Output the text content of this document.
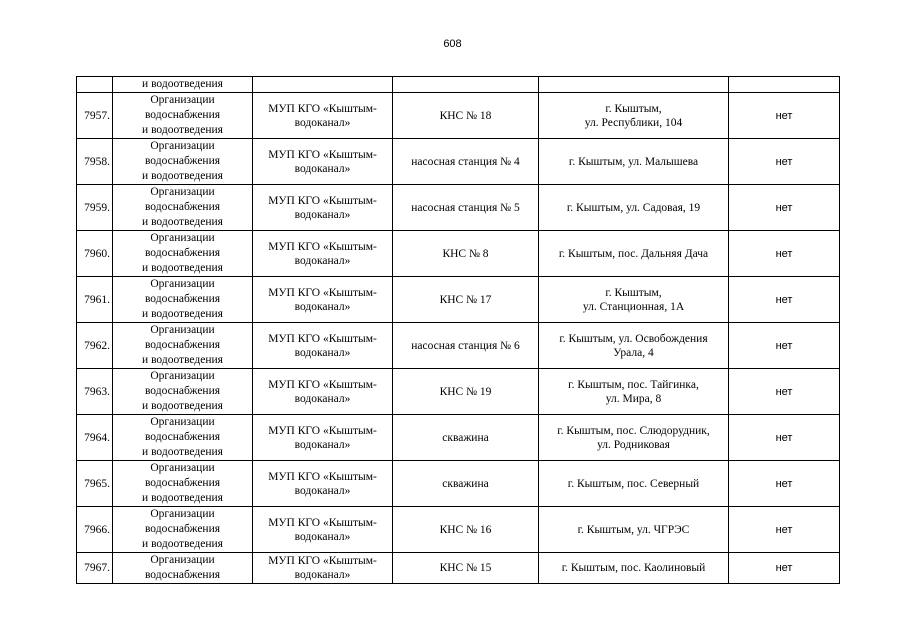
608
	и водоотведения				
7957.	Организации
водоснабжения
и водоотведения	МУП КГО «Кыштым-
водоканал»	КНС № 18	г. Кыштым,
ул. Республики, 104	нет
7958.	Организации
водоснабжения
и водоотведения	МУП КГО «Кыштым-
водоканал»	насосная станция № 4	г. Кыштым, ул. Малышева	нет
7959.	Организации
водоснабжения
и водоотведения	МУП КГО «Кыштым-
водоканал»	насосная станция № 5	г. Кыштым, ул. Садовая, 19	нет
7960.	Организации
водоснабжения
и водоотведения	МУП КГО «Кыштым-
водоканал»	КНС № 8	г. Кыштым, пос. Дальняя Дача	нет
7961.	Организации
водоснабжения
и водоотведения	МУП КГО «Кыштым-
водоканал»	КНС № 17	г. Кыштым,
ул. Станционная, 1А	нет
7962.	Организации
водоснабжения
и водоотведения	МУП КГО «Кыштым-
водоканал»	насосная станция № 6	г. Кыштым, ул. Освобождения
Урала, 4	нет
7963.	Организации
водоснабжения
и водоотведения	МУП КГО «Кыштым-
водоканал»	КНС № 19	г. Кыштым, пос. Тайгинка,
ул. Мира, 8	нет
7964.	Организации
водоснабжения
и водоотведения	МУП КГО «Кыштым-
водоканал»	скважина	г. Кыштым, пос. Слюдорудник,
ул. Родниковая	нет
7965.	Организации
водоснабжения
и водоотведения	МУП КГО «Кыштым-
водоканал»	скважина	г. Кыштым, пос. Северный	нет
7966.	Организации
водоснабжения
и водоотведения	МУП КГО «Кыштым-
водоканал»	КНС № 16	г. Кыштым, ул. ЧГРЭС	нет
7967.	Организации
водоснабжения	МУП КГО «Кыштым-
водоканал»	КНС № 15	г. Кыштым, пос. Каолиновый	нет
